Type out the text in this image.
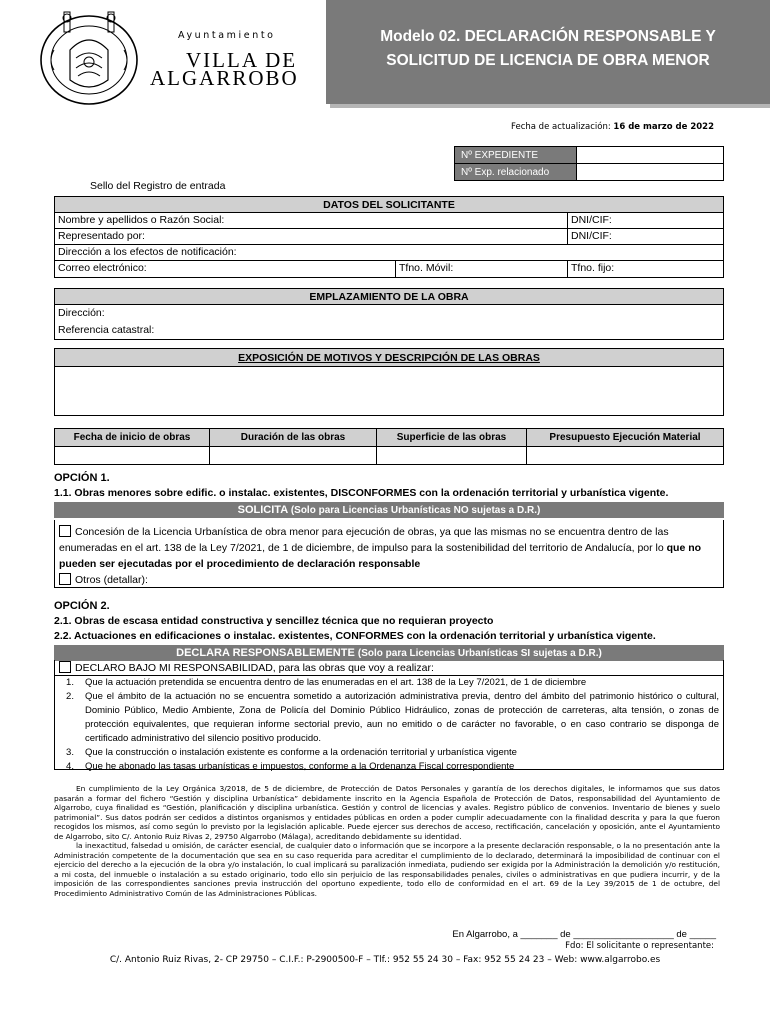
Ayuntamiento
VILLA DE
ALGARROBO
Modelo 02. DECLARACIÓN RESPONSABLE Y
SOLICITUD DE LICENCIA DE OBRA MENOR
Fecha de actualización: 16 de marzo de 2022
Nº EXPEDIENTE	
Nº Exp. relacionado	
Sello del Registro de entrada
DATOS DEL SOLICITANTE
Nombre y apellidos o Razón Social:	DNI/CIF:
Representado por:	DNI/CIF:
Dirección a los efectos de notificación:
Correo electrónico:	Tfno. Móvil:	Tfno. fijo:
EMPLAZAMIENTO DE LA OBRA
Dirección:
Referencia catastral:
EXPOSICIÓN DE MOTIVOS Y DESCRIPCIÓN DE LAS OBRAS
Fecha de inicio de obras	Duración de las obras	Superficie de las obras	Presupuesto Ejecución Material

OPCIÓN 1.
1.1. Obras menores sobre edific. o instalac. existentes, DISCONFORMES con la ordenación territorial y urbanística vigente.
SOLICITA (Solo para Licencias Urbanísticas NO sujetas a D.R.)
Concesión de la Licencia Urbanística de obra menor para ejecución de obras, ya que las mismas no se encuentra dentro de las enumeradas en el art. 138 de la Ley 7/2021, de 1 de diciembre, de impulso para la sostenibilidad del territorio de Andalucía, por lo que no pueden ser ejecutadas por el procedimiento de declaración responsable
Otros (detallar):
OPCIÓN 2.
2.1. Obras de escasa entidad constructiva y sencillez técnica que no requieran proyecto
2.2. Actuaciones en edificaciones o instalac. existentes, CONFORMES con la ordenación territorial y urbanística vigente.
DECLARA RESPONSABLEMENTE (Solo para Licencias Urbanísticas SI sujetas a D.R.)
DECLARO BAJO MI RESPONSABILIDAD, para las obras que voy a realizar:
1.	Que la actuación pretendida se encuentra dentro de las enumeradas en el art. 138 de la Ley 7/2021, de 1 de diciembre
2.	Que el ámbito de la actuación no se encuentra sometido a autorización administrativa previa, dentro del ámbito del patrimonio histórico o cultural, Dominio Público, Medio Ambiente, Zona de Policía del Dominio Público Hidráulico, zonas de protección de carreteras, alta tensión, o zonas de protección equivalentes, que requieran informe sectorial previo, aun no emitido o de carácter no favorable, o en caso contrario se disponga de certificado administrativo del silencio positivo producido.
3.	Que la construcción o instalación existente es conforme a la ordenación territorial y urbanística vigente
4.	Que he abonado las tasas urbanísticas e impuestos, conforme a la Ordenanza Fiscal correspondiente

En cumplimiento de la Ley Orgánica 3/2018, de 5 de diciembre, de Protección de Datos Personales y garantía de los derechos digitales, le informamos que sus datos pasarán a formar del fichero “Gestión y disciplina Urbanística” debidamente inscrito en la Agencia Española de Protección de Datos, responsabilidad del Ayuntamiento de Algarrobo, cuya finalidad es “Gestión, planificación y disciplina urbanística. Gestión y control de licencias y avales. Registro público de convenios. Inventario de bienes y suelo patrimonial”. Sus datos podrán ser cedidos a distintos organismos y entidades públicas en orden a poder cumplir adecuadamente con la finalidad descrita y para la que fueron recogidos los mismos, así como según lo previsto por la legislación aplicable. Puede ejercer sus derechos de acceso, rectificación, cancelación y oposición, ante el Ayuntamiento de Algarrobo, sito C/. Antonio Ruiz Rivas 2, 29750 Algarrobo (Málaga), acreditando debidamente su identidad.

la inexactitud, falsedad u omisión, de carácter esencial, de cualquier dato o información que se incorpore a la presente declaración responsable, o la no presentación ante la Administración competente de la documentación que sea en su caso requerida para acreditar el cumplimiento de lo declarado, determinará la imposibilidad de continuar con el ejercicio del derecho a la ejecución de la obra y/o instalación, lo cual implicará su paralización inmediata, pudiendo ser exigida por la Administración la demolición y/o restitución, a mi costa, del inmueble o instalación a su estado originario, todo ello sin perjuicio de las responsabilidades penales, civiles o administrativas en que pudiera incurrir, y de la imposición de las correspondientes sanciones previa instrucción del oportuno expediente, todo ello de conformidad en el art. 69 de la Ley 39/2015 de 1 de octubre, del Procedimiento Administrativo Común de las Administraciones Públicas.

En Algarrobo, a _______ de ___________________ de _____
Fdo: El solicitante o representante:
C/. Antonio Ruiz Rivas, 2- CP 29750 – C.I.F.: P-2900500-F – Tlf.: 952 55 24 30 – Fax: 952 55 24 23 – Web: www.algarrobo.es
